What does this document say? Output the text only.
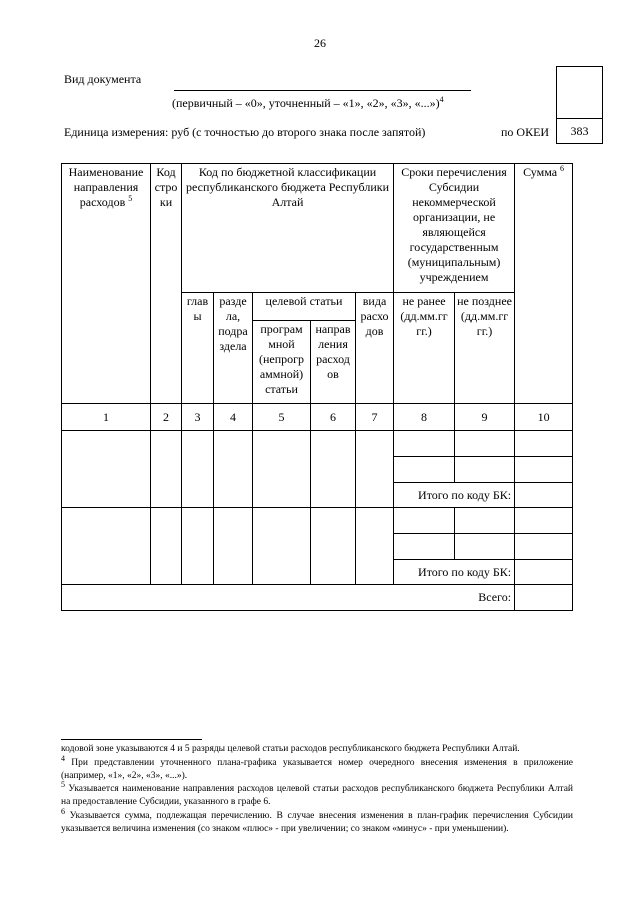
26
Вид документа
(первичный – «0», уточненный – «1», «2», «3», «...»)$^4$
Единица измерения: руб (с точностью до второго знака после запятой)	по ОКЕИ	383
Наименование направления расходов $^5$	Код стро ки	Код по бюджетной классификации республиканского бюджета Республики Алтай					Сроки перечисления Субсидии некоммерческой организации, не являющейся государственным (муниципальным) учреждением		Сумма $^6$
		глав ы	разде ла, подра здела	целевой статьи		вида расхо дов	не ранее (дд.мм.гг гг.)	не позднее (дд.мм.гг гг.)	
				програм мной (непрогр аммной) статьи	направ ления расход ов				
1	2	3	4	5	6	7	8	9	10

							Итого по коду БК:		

							Итого по коду БК:		
Всего:									
кодовой зоне указываются 4 и 5 разряды целевой статьи расходов республиканского бюджета Республики Алтай.
$^4$ При представлении уточненного плана-графика указывается номер очередного внесения изменения в приложение (например, «1», «2», «3», «...»).
$^5$ Указывается наименование направления расходов целевой статьи расходов республиканского бюджета Республики Алтай на предоставление Субсидии, указанного в графе 6.
$^6$ Указывается сумма, подлежащая перечислению. В случае внесения изменения в план-график перечисления Субсидии указывается величина изменения (со знаком «плюс» - при увеличении; со знаком «минус» - при уменьшении).
